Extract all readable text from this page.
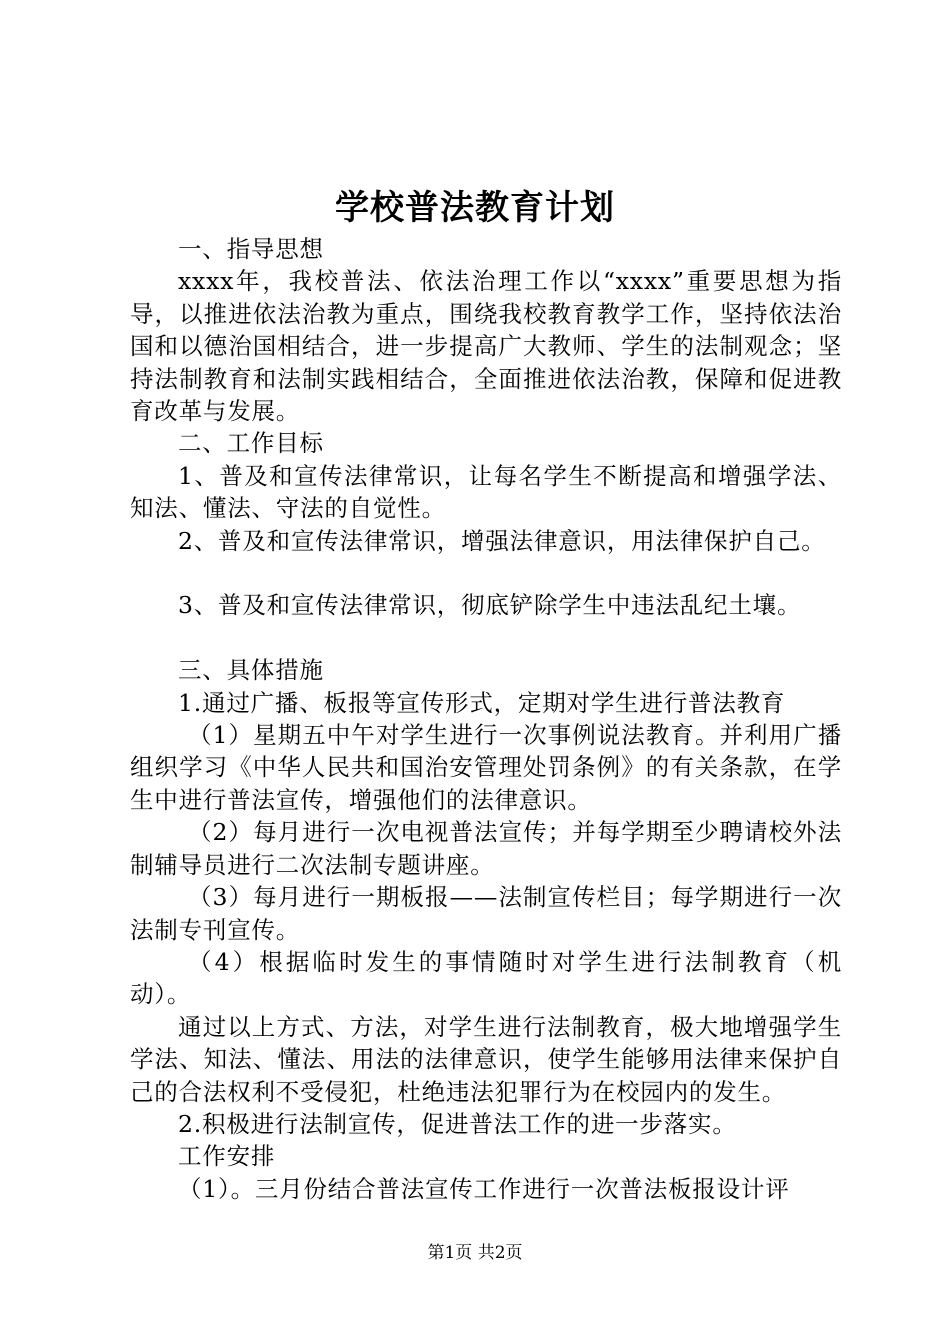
学校普法教育计划

一、指导思想

xxxx年，我校普法、依法治理工作以“xxxx”重要思想为指导，以推进依法治教为重点，围绕我校教育教学工作，坚持依法治国和以德治国相结合，进一步提高广大教师、学生的法制观念；坚持法制教育和法制实践相结合，全面推进依法治教，保障和促进教育改革与发展。

二、工作目标

1、普及和宣传法律常识，让每名学生不断提高和增强学法、知法、懂法、守法的自觉性。

2、普及和宣传法律常识，增强法律意识，用法律保护自己。

3、普及和宣传法律常识，彻底铲除学生中违法乱纪土壤。

三、具体措施

1.通过广播、板报等宣传形式，定期对学生进行普法教育

（1）星期五中午对学生进行一次事例说法教育。并利用广播组织学习《中华人民共和国治安管理处罚条例》的有关条款，在学生中进行普法宣传，增强他们的法律意识。

（2）每月进行一次电视普法宣传；并每学期至少聘请校外法制辅导员进行二次法制专题讲座。

（3）每月进行一期板报——法制宣传栏目；每学期进行一次法制专刊宣传。

（4）根据临时发生的事情随时对学生进行法制教育（机动）。

通过以上方式、方法，对学生进行法制教育，极大地增强学生学法、知法、懂法、用法的法律意识，使学生能够用法律来保护自己的合法权利不受侵犯，杜绝违法犯罪行为在校园内的发生。

2.积极进行法制宣传，促进普法工作的进一步落实。

工作安排

（1）。三月份结合普法宣传工作进行一次普法板报设计评

第1页 共2页
